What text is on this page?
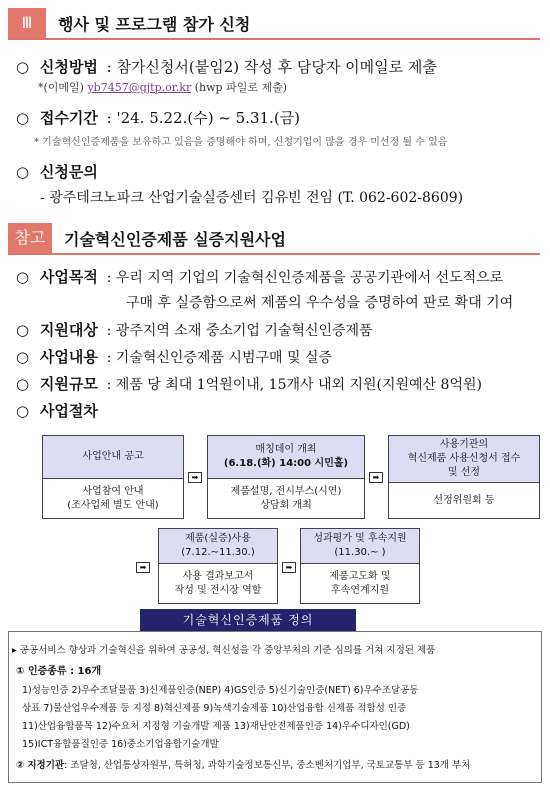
Ⅲ	행사 및 프로그램 참가 신청
○ 신청방법 : 참가신청서(붙임2) 작성 후 담당자 이메일로 제출
*(이메일) yb7457@gjtp.or.kr (hwp 파일로 제출)
○ 접수기간 : '24. 5.22.(수) ~ 5.31.(금)
* 기술혁신인증제품을 보유하고 있음을 증명해야 하며, 신청기업이 많을 경우 미선정 될 수 있음
○ 신청문의
- 광주테크노파크 산업기술실증센터 김유빈 전임 (T. 062-602-8609)
참고	기술혁신인증제품 실증지원사업
○ 사업목적 : 우리 지역 기업의 기술혁신인증제품을 공공기관에서 선도적으로
구매 후 실증함으로써 제품의 우수성을 증명하여 판로 확대 기여
○ 지원대상 : 광주지역 소재 중소기업 기술혁신인증제품
○ 사업내용 : 기술혁신인증제품 시범구매 및 실증
○ 지원규모 : 제품 당 최대 1억원이내, 15개사 내외 지원(지원예산 8억원)
○ 사업절차
사업안내 공고
사업참여 안내
(조사업체 별도 안내)
➡
매칭데이 개최
(6.18.(화) 14:00 시민홀)
제품설명, 전시부스(시연)
상담회 개최
➡
사용기관의
혁신제품 사용신청서 접수
및 선정
선정위원회 등
➡
제품(실증)사용
(7.12.~11.30.)
사용 결과보고서
작성 및 전시장 역할
➡
성과평가 및 후속지원
(11.30.~ )
제품고도화 및
후속연계지원
기술혁신인증제품 정의
▸ 공공서비스 향상과 기술혁신을 위하여 공공성, 혁신성을 각 중앙부처의 기준 심의를 거쳐 지정된 제품
① 인증종류 : 16개
1)성능인증 2)우수조달물품 3)신제품인증(NEP) 4)GS인증 5)신기술인증(NET) 6)우수조달공동
상표 7)물산업우수제품 등 지정 8)혁신제품 9)녹색기술제품 10)산업융합 신제품 적합성 인증
11)산업융합품목 12)수요처 지정형 기술개발 제품 13)재난안전제품인증 14)우수디자인(GD)
15)ICT융합품질인증 16)중소기업융합기술개발
② 지정기관: 조달청, 산업통상자원부, 특허청, 과학기술정보통신부, 중소벤처기업부, 국토교통부 등 13개 부처
